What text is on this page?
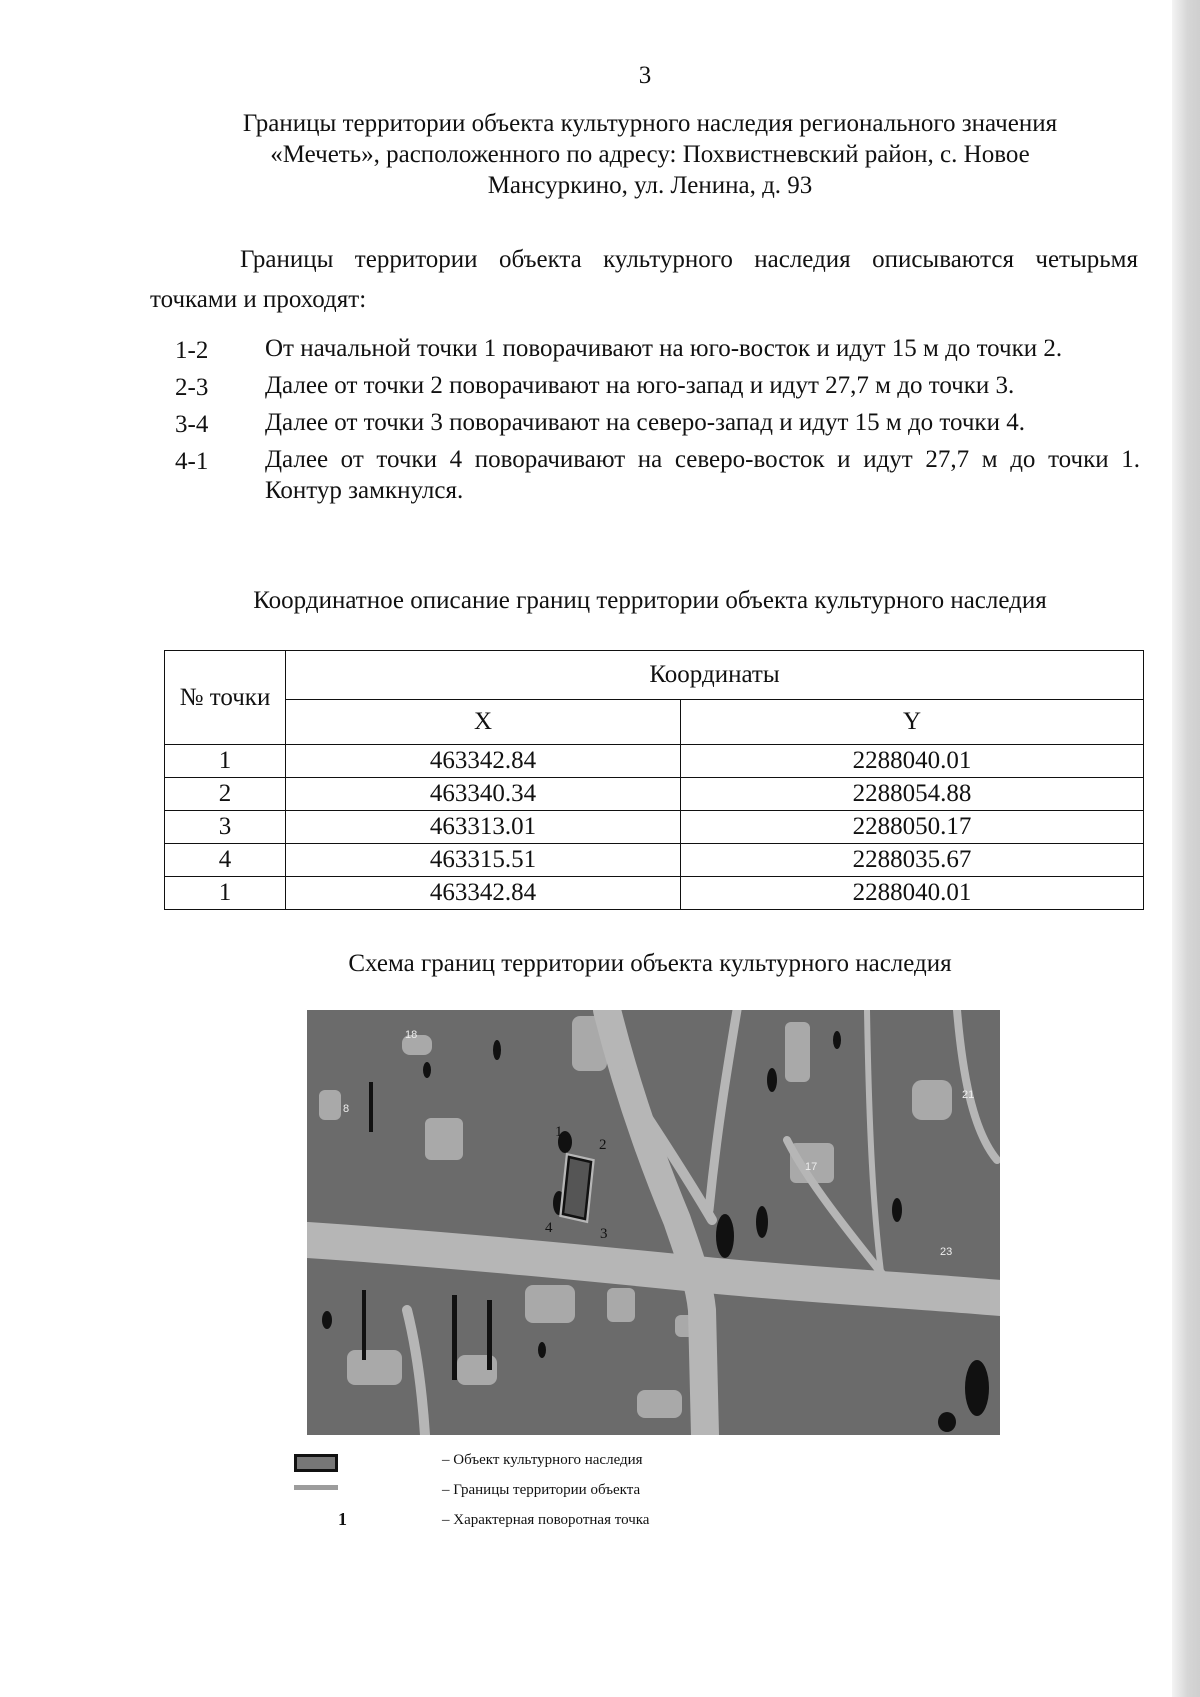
3
Границы территории объекта культурного наследия регионального значения
«Мечеть», расположенного по адресу: Похвистневский район, с. Новое
Мансуркино, ул. Ленина, д. 93
Границы территории объекта культурного наследия описываются четырьмя точками и проходят:
1-2	От начальной точки 1 поворачивают на юго-восток и идут 15 м до точки 2.
2-3	Далее от точки 2 поворачивают на юго-запад и идут 27,7 м до точки 3.
3-4	Далее от точки 3 поворачивают на северо-запад и идут 15 м до точки 4.
4-1	Далее от точки 4 поворачивают на северо-восток и идут 27,7 м до точки 1. Контур замкнулся.
Координатное описание границ территории объекта культурного наследия
№ точки	Координаты	
	X	Y
1	463342.84	2288040.01
2	463340.34	2288054.88
3	463313.01	2288050.17
4	463315.51	2288035.67
1	463342.84	2288040.01
Схема границ территории объекта культурного наследия
1
2
3
4
18
8
21
17
23
– Объект культурного наследия
– Границы территории объекта
1	– Характерная поворотная точка
